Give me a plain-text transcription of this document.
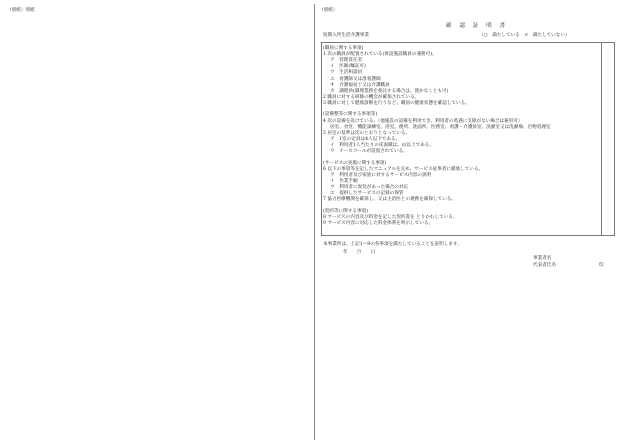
（別紙）別紙	（別紙）
確 認 証 明 書
短期入所生活介護事業	（○　満たしている　×　満たしていない）
(職員に関する事項)
1 次の職員が配置されている(併設施設職員の兼務可)。
ア　管理責任者
イ　医師(嘱託可)
ウ　生活相談員
エ　看護師又は准看護師
オ　介護福祉士又は介護職員
カ　調理員(調理業務を委託する場合は、置かなくとも可)
2 職員に対する研修の機会が確保されている。
3 職員に対して健康診断を行うなど、職員の健康状態を確認している。
(設備整等に関する事項等)
4 次の設備を設けている。（他施設の設備を利用でき、利用者の処遇に支障がない場合は兼用可）
居室、食堂、機能訓練室、浴室、便所、洗面所、医務室、看護・介護員室、洗濯室又は洗濯場、汚物処理室
5 居室の基準は次のとおりとなっている。
ア　1室の定員は4人以下である。
イ　利用者1人当たりの床面積は、㎡以上である。
ウ　ナースコールが設置されている。
(サービスの実施に関する事項)
6 以下の事項等を記したマニュアルを定め、サービス従事者に徹底している。
ア　利用者及び家族に対するサービス内容の説明
イ　作業手順
ウ　利用者に異変があった場合の対応
エ　提供したサービスの記録の保管
7 協力医療機関を確保し、又は主治医との連携を確保している。
(契約等に関する事項)
8 サービスの内容及び料金を記した契約書を とりかわしている。
9 サービス内容に対応した料金体系を明示している。
本事業所は、上記1〜9の各事項を満たしていることを証明します。
年　　月　　日
事業者名
代表者氏名	印
